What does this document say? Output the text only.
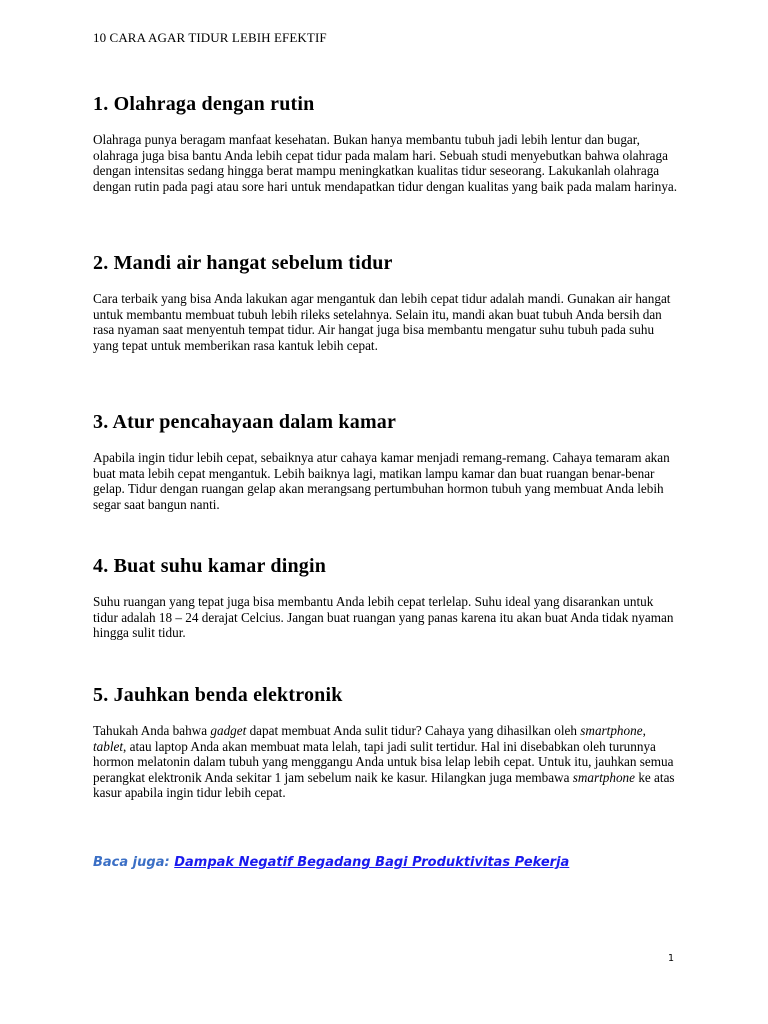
10 CARA AGAR TIDUR LEBIH EFEKTIF
1. Olahraga dengan rutin

Olahraga punya beragam manfaat kesehatan. Bukan hanya membantu tubuh jadi lebih lentur dan bugar, olahraga juga bisa bantu Anda lebih cepat tidur pada malam hari. Sebuah studi menyebutkan bahwa olahraga dengan intensitas sedang hingga berat mampu meningkatkan kualitas tidur seseorang. Lakukanlah olahraga dengan rutin pada pagi atau sore hari untuk mendapatkan tidur dengan kualitas yang baik pada malam harinya.

2. Mandi air hangat sebelum tidur

Cara terbaik yang bisa Anda lakukan agar mengantuk dan lebih cepat tidur adalah mandi. Gunakan air hangat untuk membantu membuat tubuh lebih rileks setelahnya. Selain itu, mandi akan buat tubuh Anda bersih dan rasa nyaman saat menyentuh tempat tidur. Air hangat juga bisa membantu mengatur suhu tubuh pada suhu yang tepat untuk memberikan rasa kantuk lebih cepat.

3. Atur pencahayaan dalam kamar

Apabila ingin tidur lebih cepat, sebaiknya atur cahaya kamar menjadi remang-remang. Cahaya temaram akan buat mata lebih cepat mengantuk. Lebih baiknya lagi, matikan lampu kamar dan buat ruangan benar-benar gelap. Tidur dengan ruangan gelap akan merangsang pertumbuhan hormon tubuh yang membuat Anda lebih segar saat bangun nanti.

4. Buat suhu kamar dingin

Suhu ruangan yang tepat juga bisa membantu Anda lebih cepat terlelap. Suhu ideal yang disarankan untuk tidur adalah 18 – 24 derajat Celcius. Jangan buat ruangan yang panas karena itu akan buat Anda tidak nyaman hingga sulit tidur.

5. Jauhkan benda elektronik

Tahukah Anda bahwa gadget dapat membuat Anda sulit tidur? Cahaya yang dihasilkan oleh smartphone, tablet, atau laptop Anda akan membuat mata lelah, tapi jadi sulit tertidur. Hal ini disebabkan oleh turunnya hormon melatonin dalam tubuh yang menggangu Anda untuk bisa lelap lebih cepat. Untuk itu, jauhkan semua perangkat elektronik Anda sekitar 1 jam sebelum naik ke kasur. Hilangkan juga membawa smartphone ke atas kasur apabila ingin tidur lebih cepat.

Baca juga: Dampak Negatif Begadang Bagi Produktivitas Pekerja
1
